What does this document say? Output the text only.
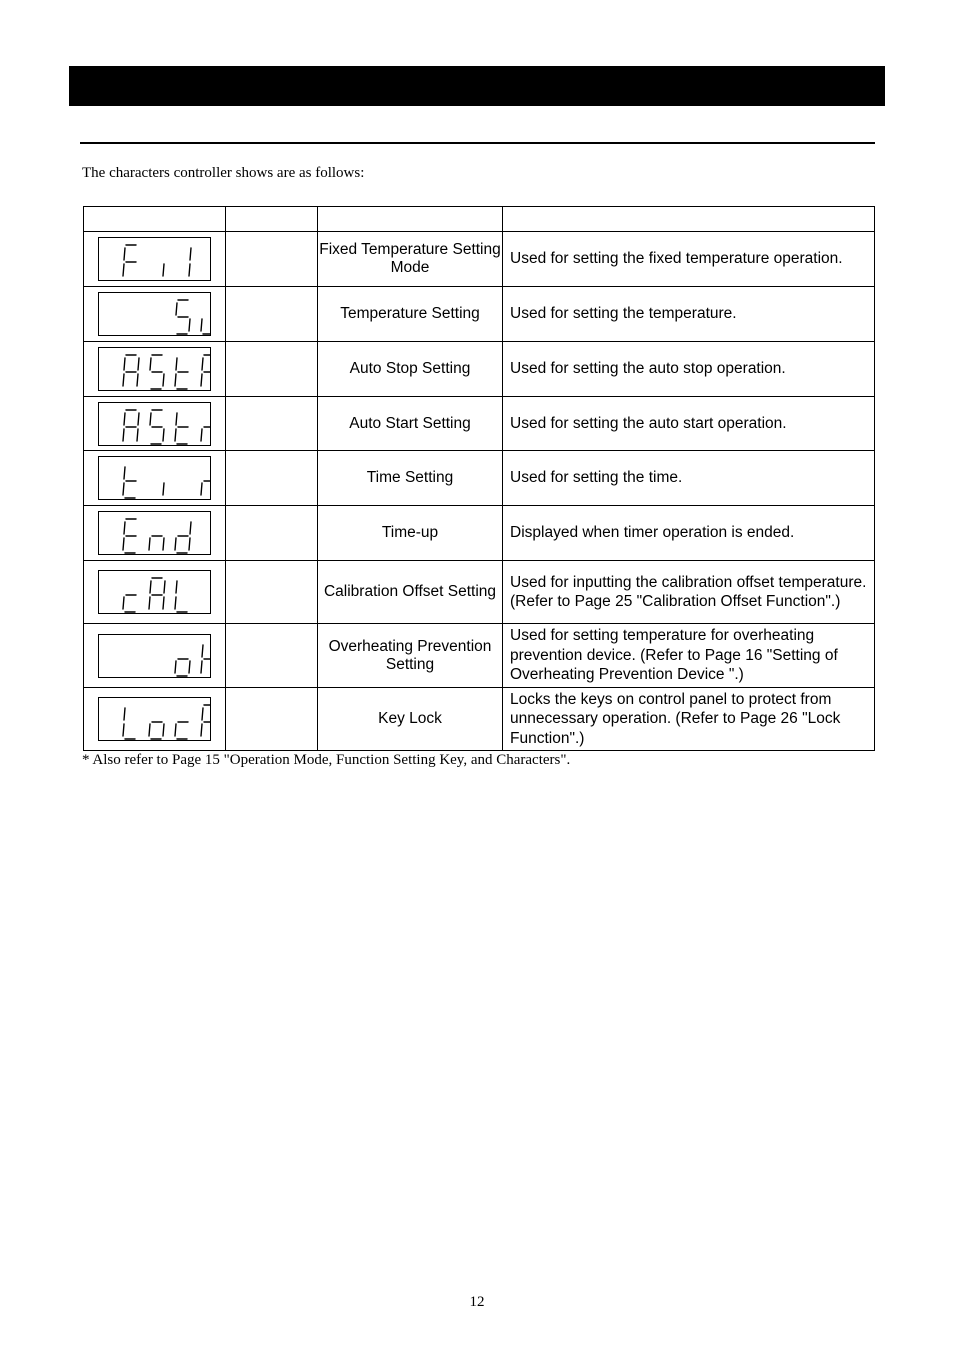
The characters controller shows are as follows:

		Fixed Temperature Setting Mode	Used for setting the fixed temperature operation.

		Temperature Setting	Used for setting the temperature.

		Auto Stop Setting	Used for setting the auto stop operation.

		Auto Start Setting	Used for setting the auto start operation.

		Time Setting	Used for setting the time.

		Time-up	Displayed when timer operation is ended.

		Calibration Offset Setting	Used for inputting the calibration offset temperature. (Refer to Page 25 "Calibration Offset Function".)

		Overheating Prevention Setting	Used for setting temperature for overheating prevention device. (Refer to Page 16 "Setting of Overheating Prevention Device ".)

		Key Lock	Locks the keys on control panel to protect from unnecessary operation. (Refer to Page 26 "Lock Function".)
* Also refer to Page 15 "Operation Mode, Function Setting Key, and Characters".
12
